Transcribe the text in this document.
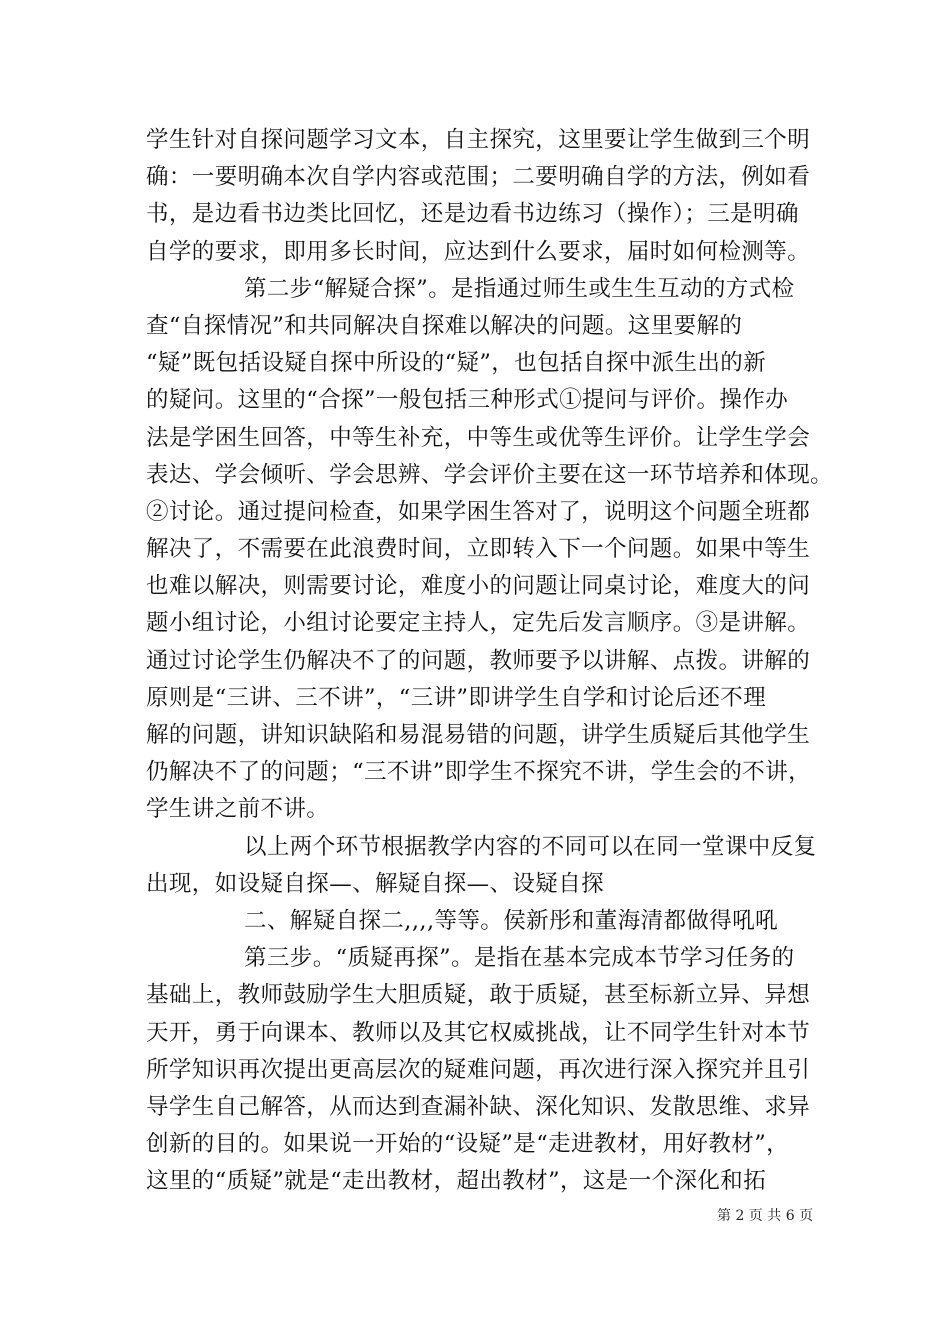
学生针对自探问题学习文本，自主探究，这里要让学生做到三个明
确：一要明确本次自学内容或范围；二要明确自学的方法，例如看
书，是边看书边类比回忆，还是边看书边练习（操作）；三是明确
自学的要求，即用多长时间，应达到什么要求，届时如何检测等。
第二步“解疑合探”。是指通过师生或生生互动的方式检
查“自探情况”和共同解决自探难以解决的问题。这里要解的
“疑”既包括设疑自探中所设的“疑”，也包括自探中派生出的新
的疑问。这里的“合探”一般包括三种形式①提问与评价。操作办
法是学困生回答，中等生补充，中等生或优等生评价。让学生学会
表达、学会倾听、学会思辨、学会评价主要在这一环节培养和体现。
②讨论。通过提问检查，如果学困生答对了，说明这个问题全班都
解决了，不需要在此浪费时间，立即转入下一个问题。如果中等生
也难以解决，则需要讨论，难度小的问题让同桌讨论，难度大的问
题小组讨论，小组讨论要定主持人，定先后发言顺序。③是讲解。
通过讨论学生仍解决不了的问题，教师要予以讲解、点拨。讲解的
原则是“三讲、三不讲”，“三讲”即讲学生自学和讨论后还不理
解的问题，讲知识缺陷和易混易错的问题，讲学生质疑后其他学生
仍解决不了的问题；“三不讲”即学生不探究不讲，学生会的不讲，
学生讲之前不讲。
以上两个环节根据教学内容的不同可以在同一堂课中反复
出现，如设疑自探—、解疑自探—、设疑自探
二、解疑自探二,,,,等等。侯新彤和董海清都做得吼吼
第三步。“质疑再探”。是指在基本完成本节学习任务的
基础上，教师鼓励学生大胆质疑，敢于质疑，甚至标新立异、异想
天开，勇于向课本、教师以及其它权威挑战，让不同学生针对本节
所学知识再次提出更高层次的疑难问题，再次进行深入探究并且引
导学生自己解答，从而达到查漏补缺、深化知识、发散思维、求异
创新的目的。如果说一开始的“设疑”是“走进教材，用好教材”，
这里的“质疑”就是“走出教材，超出教材”，这是一个深化和拓
第 2 页 共 6 页
